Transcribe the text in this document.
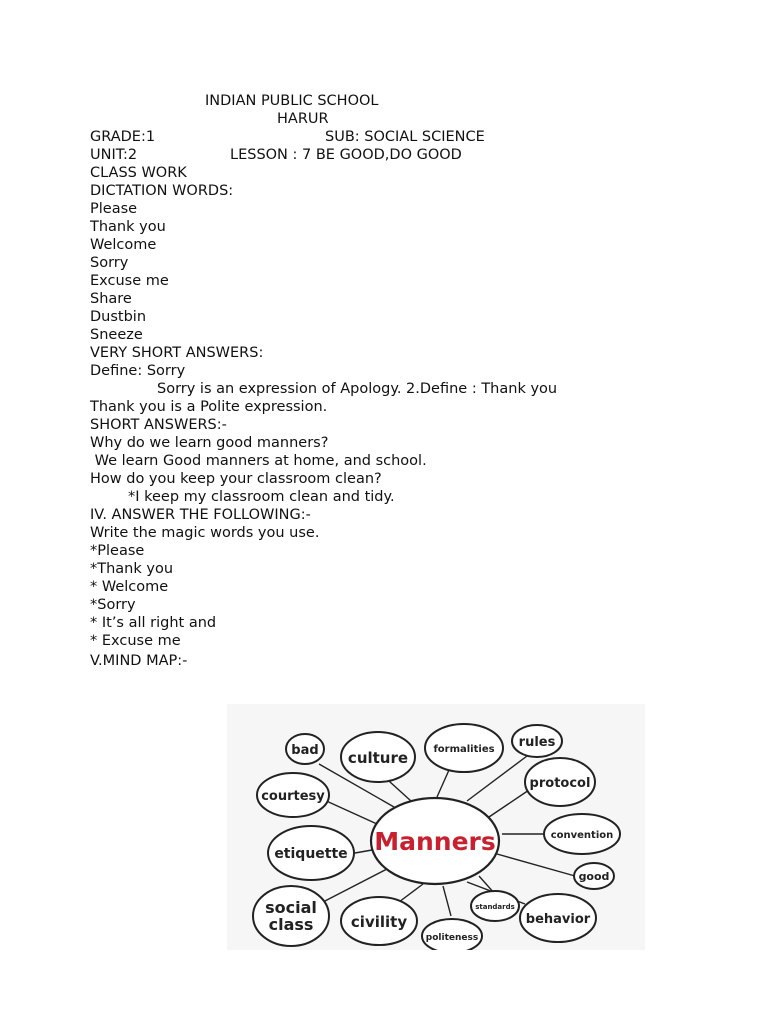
INDIAN PUBLIC SCHOOL
HARUR
GRADE:1	SUB: SOCIAL SCIENCE
UNIT:2	LESSON : 7 BE GOOD,DO GOOD
CLASS WORK
DICTATION WORDS:
Please
Thank you
Welcome
Sorry
Excuse me
Share
Dustbin
Sneeze
VERY SHORT ANSWERS:
Define: Sorry
Sorry is an expression of Apology. 2.Define : Thank you
Thank you is a Polite expression.
SHORT ANSWERS:-
Why do we learn good manners?
We learn Good manners at home, and school.
How do you keep your classroom clean?
*I keep my classroom clean and tidy.
IV. ANSWER THE FOLLOWING:-
Write the magic words you use.
*Please
*Thank you
* Welcome
*Sorry
* It’s all right and
* Excuse me
V.MIND MAP:-
Manners
bad culture	formalities rules
courtesy
protocol
convention
etiquette
good
social
class
standards
civility	behavior
politeness
